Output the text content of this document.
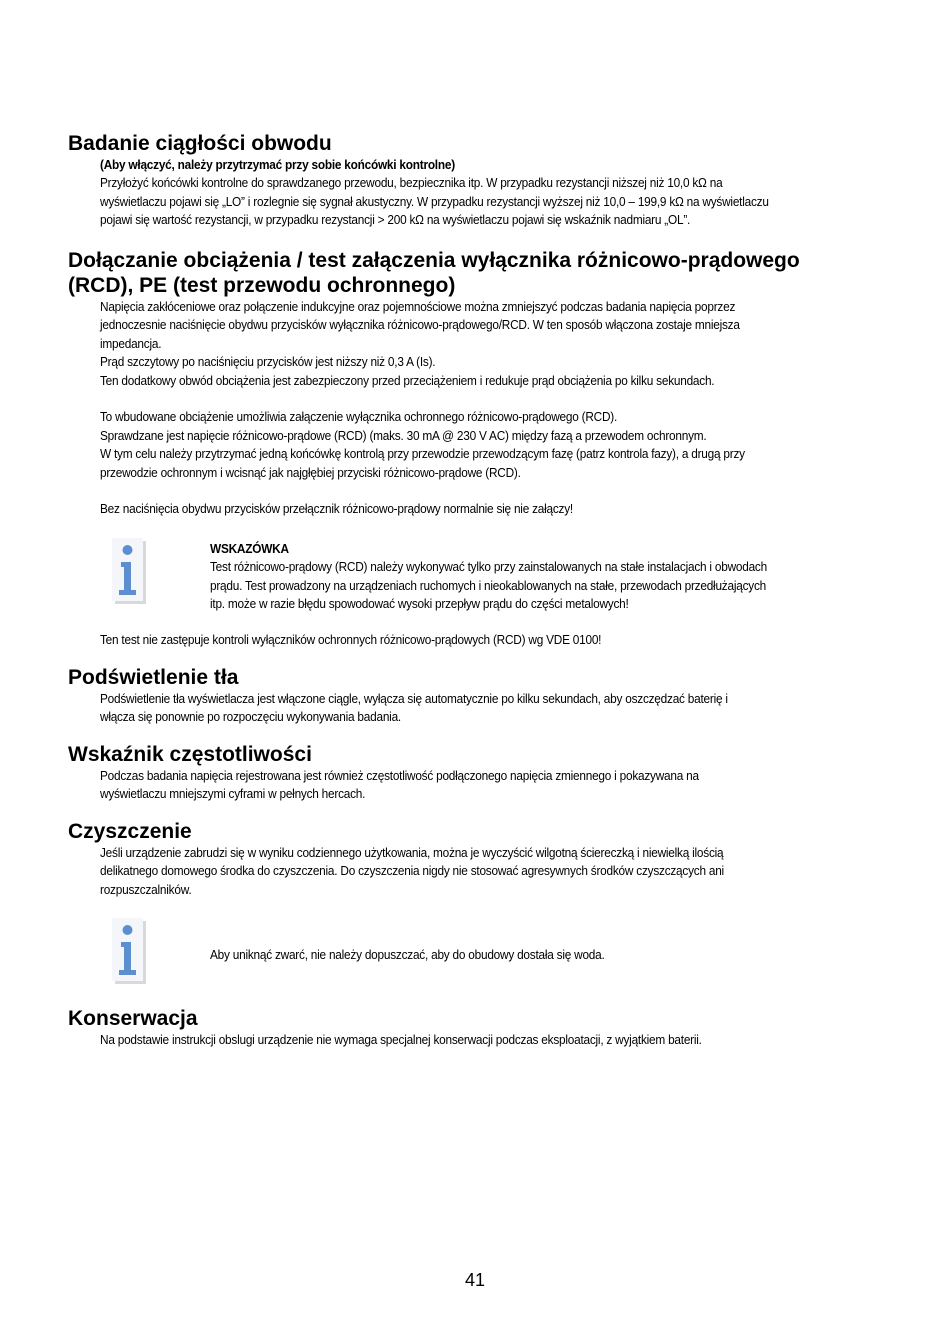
Badanie ciągłości obwodu

(Aby włączyć, należy przytrzymać przy sobie końcówki kontrolne)

Przyłożyć końcówki kontrolne do sprawdzanego przewodu, bezpiecznika itp. W przypadku rezystancji niższej niż 10,0 kΩ na

wyświetlaczu pojawi się „LO” i rozlegnie się sygnał akustyczny. W przypadku rezystancji wyższej niż 10,0 – 199,9 kΩ na wyświetlaczu

pojawi się wartość rezystancji, w przypadku rezystancji > 200 kΩ na wyświetlaczu pojawi się wskaźnik nadmiaru „OL”.

Dołączanie obciążenia / test załączenia wyłącznika różnicowo-prądowego
(RCD), PE (test przewodu ochronnego)

Napięcia zakłóceniowe oraz połączenie indukcyjne oraz pojemnościowe można zmniejszyć podczas badania napięcia poprzez

jednoczesnie naciśnięcie obydwu przycisków wyłącznika różnicowo-prądowego/RCD. W ten sposób włączona zostaje mniejsza

impedancja.

Prąd szczytowy po naciśnięciu przycisków jest niższy niż 0,3 A (Is).

Ten dodatkowy obwód obciążenia jest zabezpieczony przed przeciążeniem i redukuje prąd obciążenia po kilku sekundach.

To wbudowane obciążenie umożliwia załączenie wyłącznika ochronnego różnicowo-prądowego (RCD).

Sprawdzane jest napięcie różnicowo-prądowe (RCD) (maks. 30 mA @ 230 V AC) między fazą a przewodem ochronnym.

W tym celu należy przytrzymać jedną końcówkę kontrolą przy przewodzie przewodzącym fazę (patrz kontrola fazy), a drugą przy

przewodzie ochronnym i wcisnąć jak najgłębiej przyciski różnicowo-prądowe (RCD).

Bez naciśnięcia obydwu przycisków przełącznik różnicowo-prądowy normalnie się nie załączy!

WSKAZÓWKA

Test różnicowo-prądowy (RCD) należy wykonywać tylko przy zainstalowanych na stałe instalacjach i obwodach

prądu. Test prowadzony na urządzeniach ruchomych i nieokablowanych na stałe, przewodach przedłużających

itp. może w razie błędu spowodować wysoki przepływ prądu do części metalowych!

Ten test nie zastępuje kontroli wyłączników ochronnych różnicowo-prądowych (RCD) wg VDE 0100!

Podświetlenie tła

Podświetlenie tła wyświetlacza jest włączone ciągle, wyłącza się automatycznie po kilku sekundach, aby oszczędzać baterię i

włącza się ponownie po rozpoczęciu wykonywania badania.

Wskaźnik częstotliwości

Podczas badania napięcia rejestrowana jest również częstotliwość podłączonego napięcia zmiennego i pokazywana na

wyświetlaczu mniejszymi cyframi w pełnych hercach.

Czyszczenie

Jeśli urządzenie zabrudzi się w wyniku codziennego użytkowania, można je wyczyścić wilgotną ściereczką i niewielką ilością

delikatnego domowego środka do czyszczenia. Do czyszczenia nigdy nie stosować agresywnych środków czyszczących ani

rozpuszczalników.

Aby uniknąć zwarć, nie należy dopuszczać, aby do obudowy dostała się woda.

Konserwacja

Na podstawie instrukcji obslugi urządzenie nie wymaga specjalnej konserwacji podczas eksploatacji, z wyjątkiem baterii.

41
